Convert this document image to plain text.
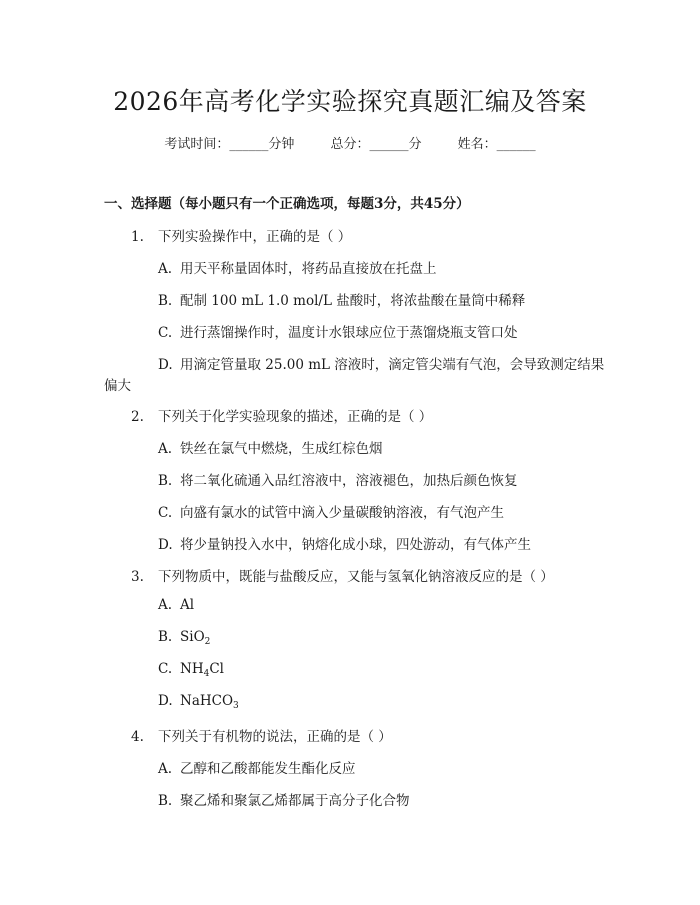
2026年高考化学实验探究真题汇编及答案
考试时间：______分钟	总分：______分	姓名：______
一、选择题（每小题只有一个正确选项，每题3分，共45分）
1. 下列实验操作中，正确的是（ ）
A. 用天平称量固体时，将药品直接放在托盘上
B. 配制 100 mL 1.0 mol/L 盐酸时，将浓盐酸在量筒中稀释
C. 进行蒸馏操作时，温度计水银球应位于蒸馏烧瓶支管口处
D. 用滴定管量取 25.00 mL 溶液时，滴定管尖端有气泡，会导致测定结果
偏大
2. 下列关于化学实验现象的描述，正确的是（ ）
A. 铁丝在氯气中燃烧，生成红棕色烟
B. 将二氧化硫通入品红溶液中，溶液褪色，加热后颜色恢复
C. 向盛有氯水的试管中滴入少量碳酸钠溶液，有气泡产生
D. 将少量钠投入水中，钠熔化成小球，四处游动，有气体产生
3. 下列物质中，既能与盐酸反应，又能与氢氧化钠溶液反应的是（ ）
A. Al
B. SiO$_2$
C. $NH_4Cl$
D. NaHCO$_3$
4. 下列关于有机物的说法，正确的是（ ）
A. 乙醇和乙酸都能发生酯化反应
B. 聚乙烯和聚氯乙烯都属于高分子化合物
